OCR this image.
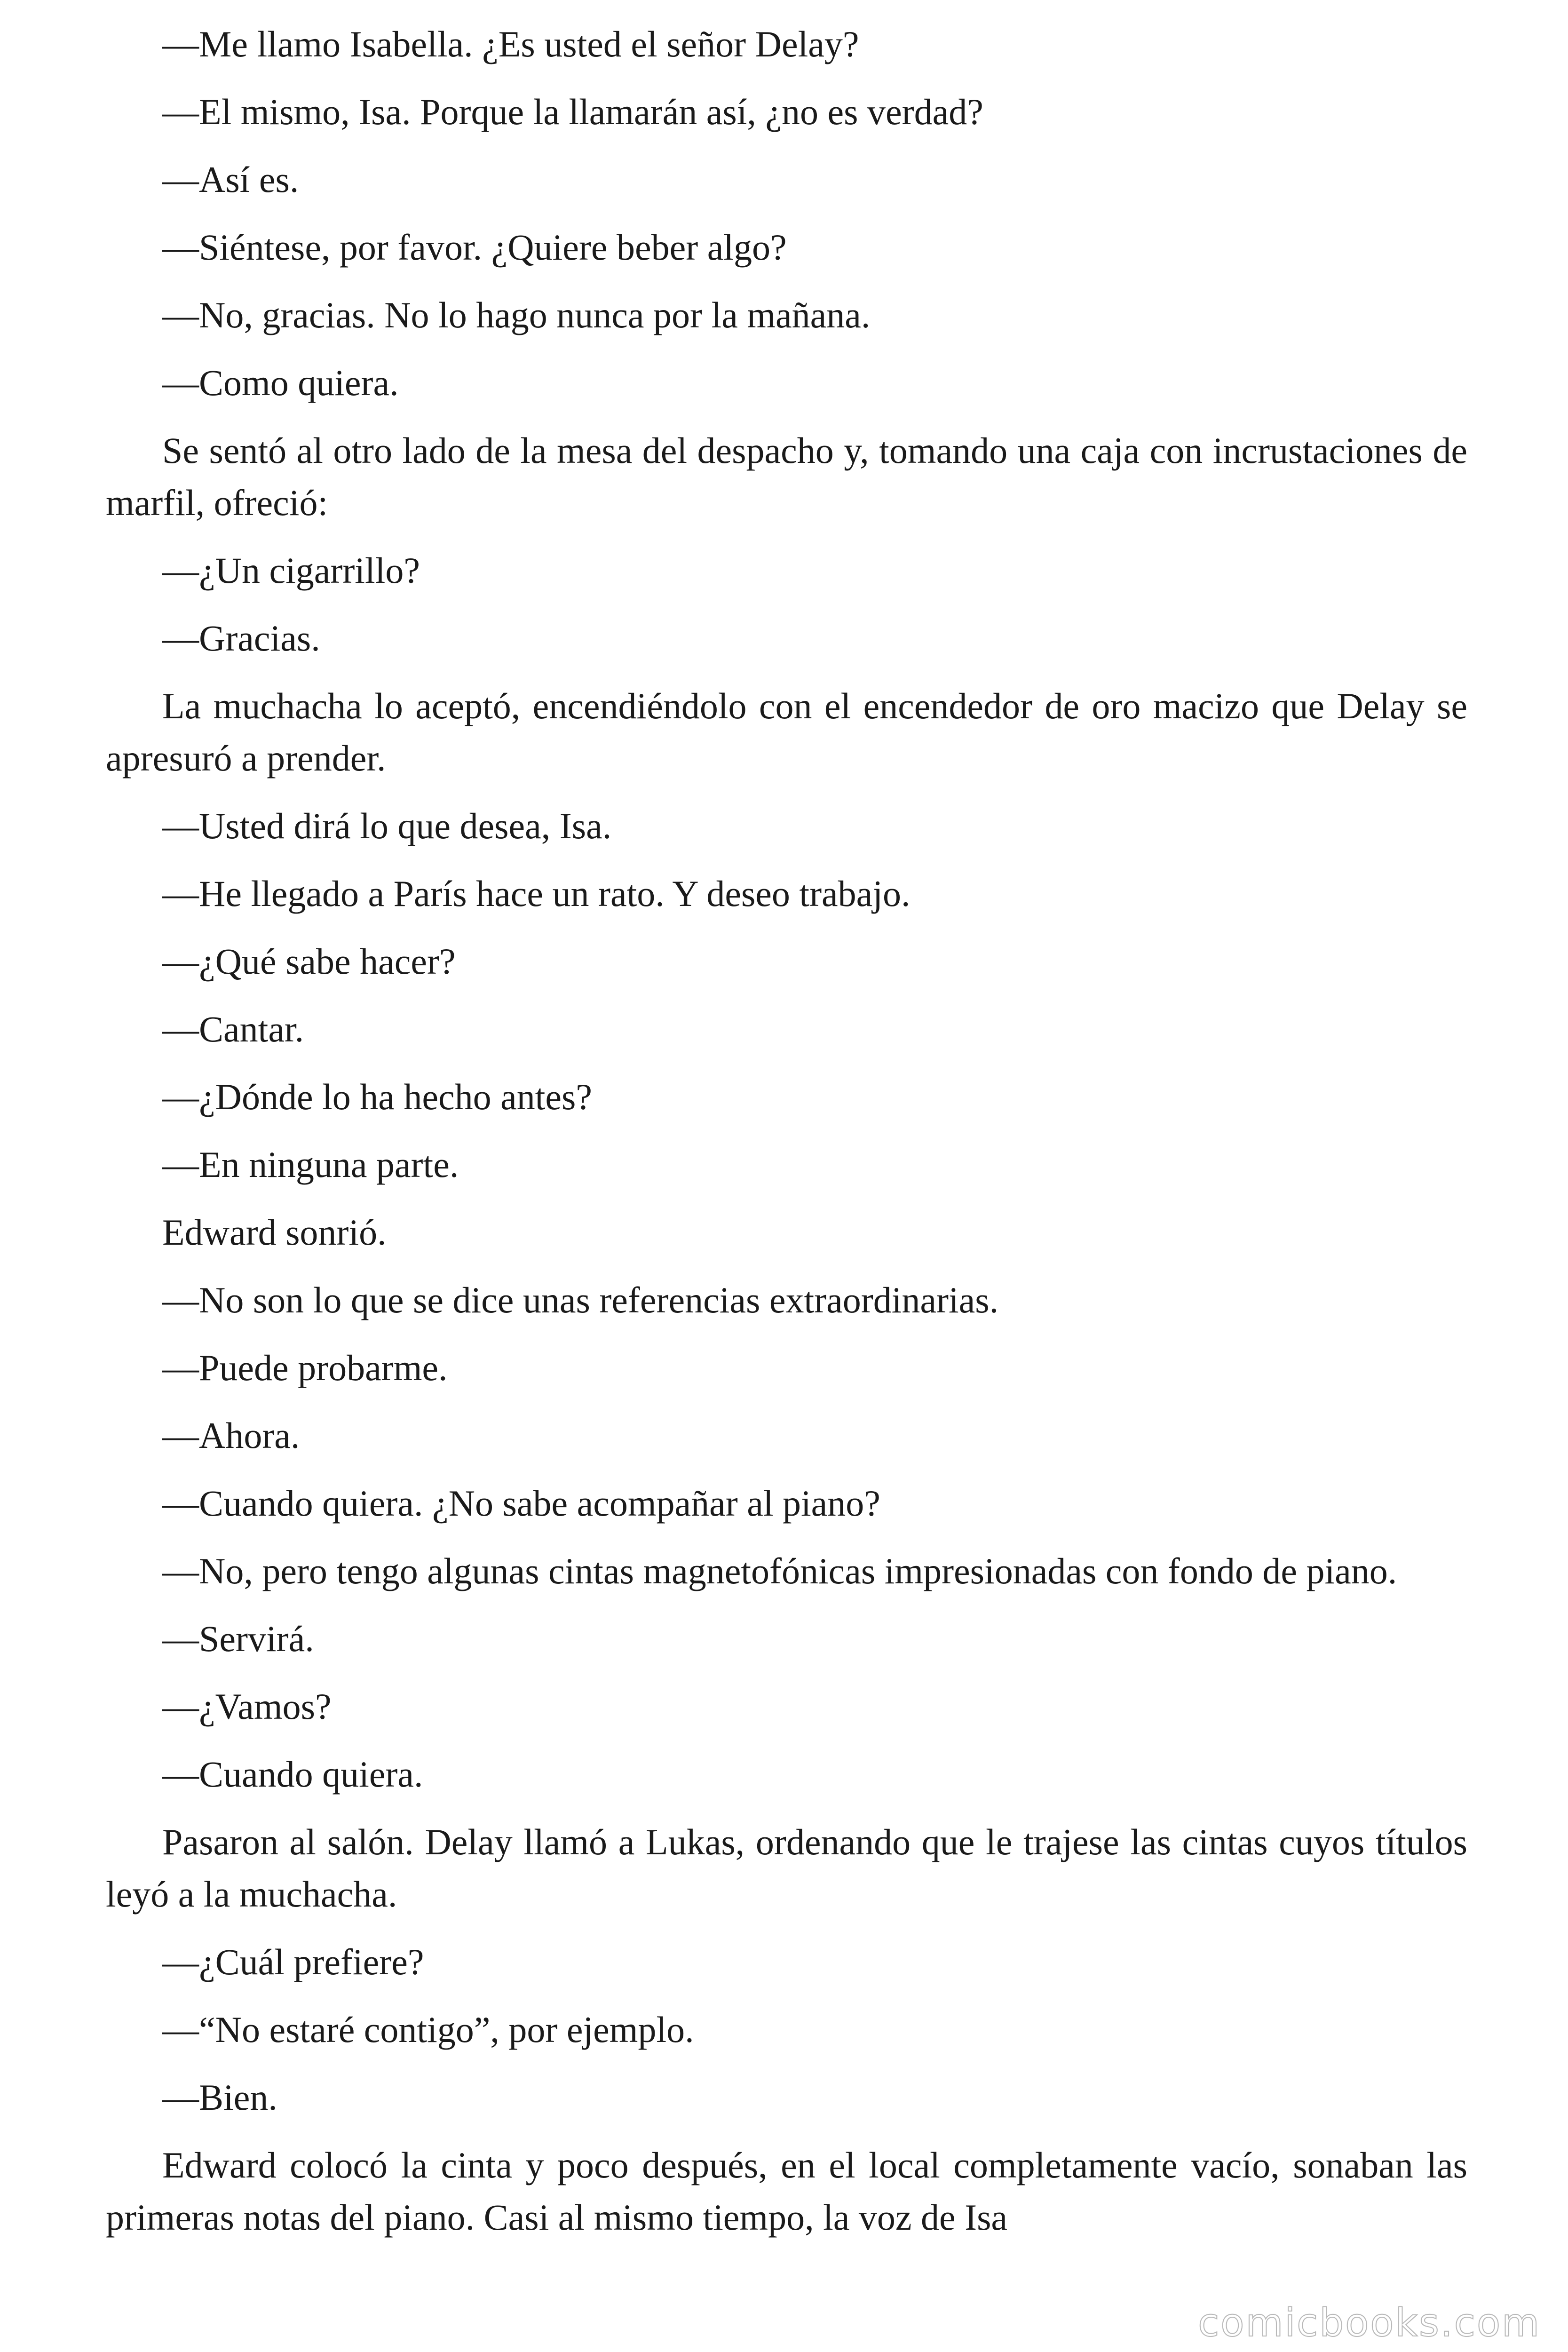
—Me llamo Isabella. ¿Es usted el señor Delay?

—El mismo, Isa. Porque la llamarán así, ¿no es verdad?

—Así es.

—Siéntese, por favor. ¿Quiere beber algo?

—No, gracias. No lo hago nunca por la mañana.

—Como quiera.

Se sentó al otro lado de la mesa del despacho y, tomando una caja con incrustaciones de marfil, ofreció:

—¿Un cigarrillo?

—Gracias.

La muchacha lo aceptó, encendiéndolo con el encendedor de oro macizo que Delay se apresuró a prender.

—Usted dirá lo que desea, Isa.

—He llegado a París hace un rato. Y deseo trabajo.

—¿Qué sabe hacer?

—Cantar.

—¿Dónde lo ha hecho antes?

—En ninguna parte.

Edward sonrió.

—No son lo que se dice unas referencias extraordinarias.

—Puede probarme.

—Ahora.

—Cuando quiera. ¿No sabe acompañar al piano?

—No, pero tengo algunas cintas magnetofónicas impresionadas con fondo de piano.

—Servirá.

—¿Vamos?

—Cuando quiera.

Pasaron al salón. Delay llamó a Lukas, ordenando que le trajese las cintas cuyos títulos leyó a la muchacha.

—¿Cuál prefiere?

—“No estaré contigo”, por ejemplo.

—Bien.

Edward colocó la cinta y poco después, en el local completamente vacío, sonaban las primeras notas del piano. Casi al mismo tiempo, la voz de Isa

comicbooks.com
